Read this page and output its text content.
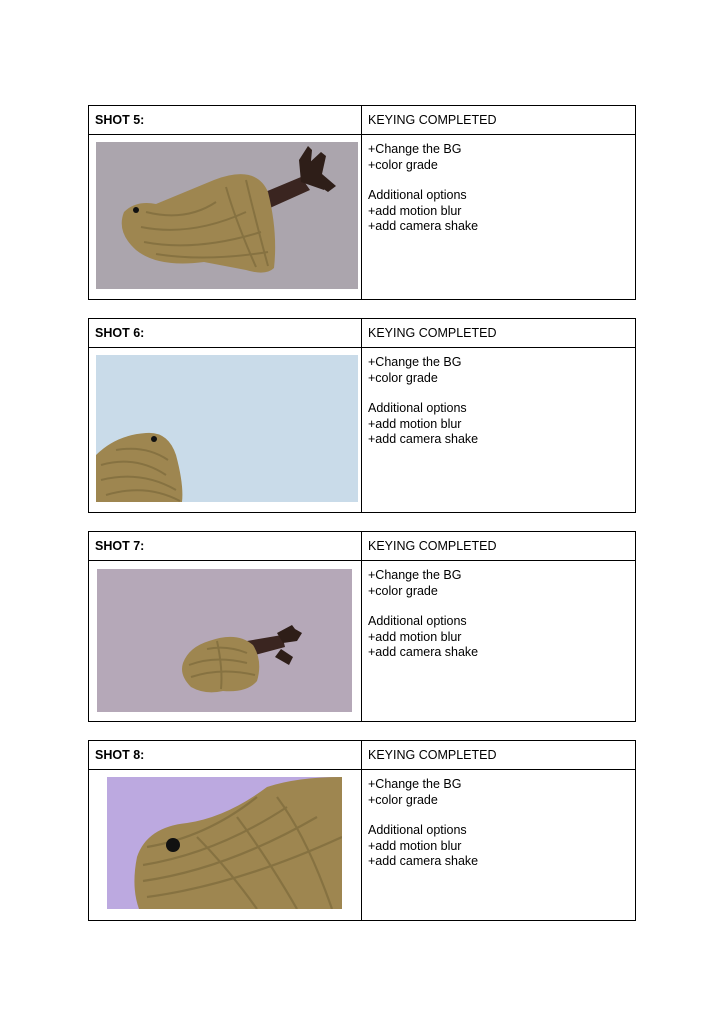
SHOT 5:	KEYING COMPLETED

+Change the BG

+color grade

Additional options

+add motion blur

+add camera shake

SHOT 6:	KEYING COMPLETED

+Change the BG

+color grade

Additional options

+add motion blur

+add camera shake

SHOT 7:	KEYING COMPLETED

+Change the BG

+color grade

Additional options

+add motion blur

+add camera shake

SHOT 8:	KEYING COMPLETED

+Change the BG

+color grade

Additional options

+add motion blur

+add camera shake
